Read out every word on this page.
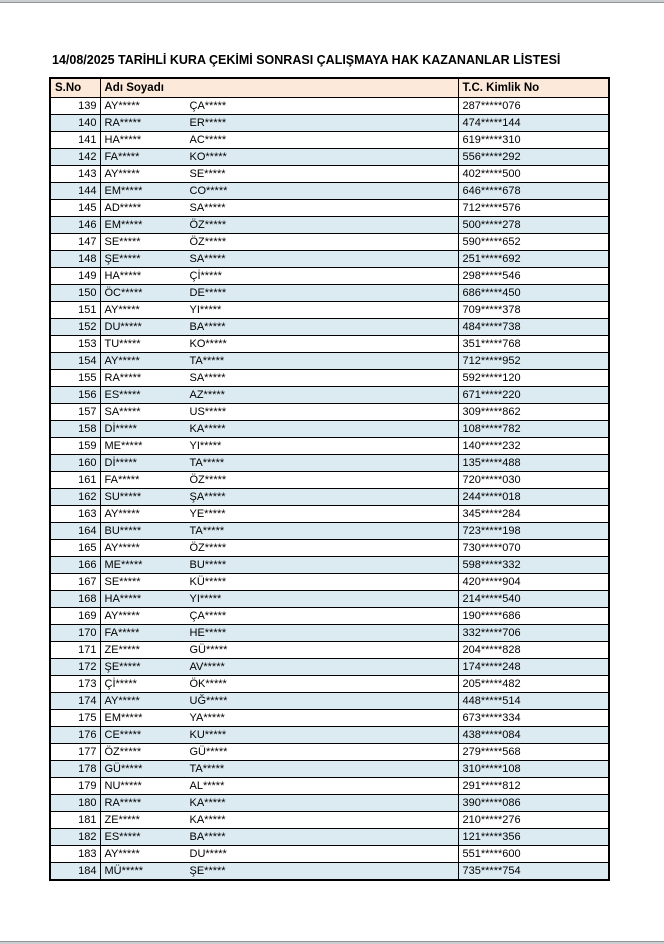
14/08/2025 TARİHLİ KURA ÇEKİMİ SONRASI ÇALIŞMAYA HAK KAZANANLAR LİSTESİ
S.No	Adı Soyadı	T.C. Kimlik No
139	AY***** ÇA*****	287*****076
140	RA***** ER*****	474*****144
141	HA***** AC*****	619*****310
142	FA***** KO*****	556*****292
143	AY***** SE*****	402*****500
144	EM***** CO*****	646*****678
145	AD***** SA*****	712*****576
146	EM***** ÖZ*****	500*****278
147	SE***** ÖZ*****	590*****652
148	ŞE***** SA*****	251*****692
149	HA***** Çİ*****	298*****546
150	ÖC***** DE*****	686*****450
151	AY***** YI*****	709*****378
152	DU***** BA*****	484*****738
153	TU***** KO*****	351*****768
154	AY***** TA*****	712*****952
155	RA***** SA*****	592*****120
156	ES***** AZ*****	671*****220
157	SA***** US*****	309*****862
158	Dİ***** KA*****	108*****782
159	ME***** YI*****	140*****232
160	Dİ***** TA*****	135*****488
161	FA***** ÖZ*****	720*****030
162	SU***** ŞA*****	244*****018
163	AY***** YE*****	345*****284
164	BU***** TA*****	723*****198
165	AY***** ÖZ*****	730*****070
166	ME***** BU*****	598*****332
167	SE***** KÜ*****	420*****904
168	HA***** YI*****	214*****540
169	AY***** ÇA*****	190*****686
170	FA***** HE*****	332*****706
171	ZE***** GÜ*****	204*****828
172	ŞE***** AV*****	174*****248
173	Çİ***** ÖK*****	205*****482
174	AY***** UĞ*****	448*****514
175	EM***** YA*****	673*****334
176	CE***** KU*****	438*****084
177	ÖZ***** GÜ*****	279*****568
178	GÜ***** TA*****	310*****108
179	NU***** AL*****	291*****812
180	RA***** KA*****	390*****086
181	ZE***** KA*****	210*****276
182	ES***** BA*****	121*****356
183	AY***** DU*****	551*****600
184	MÜ***** ŞE*****	735*****754
